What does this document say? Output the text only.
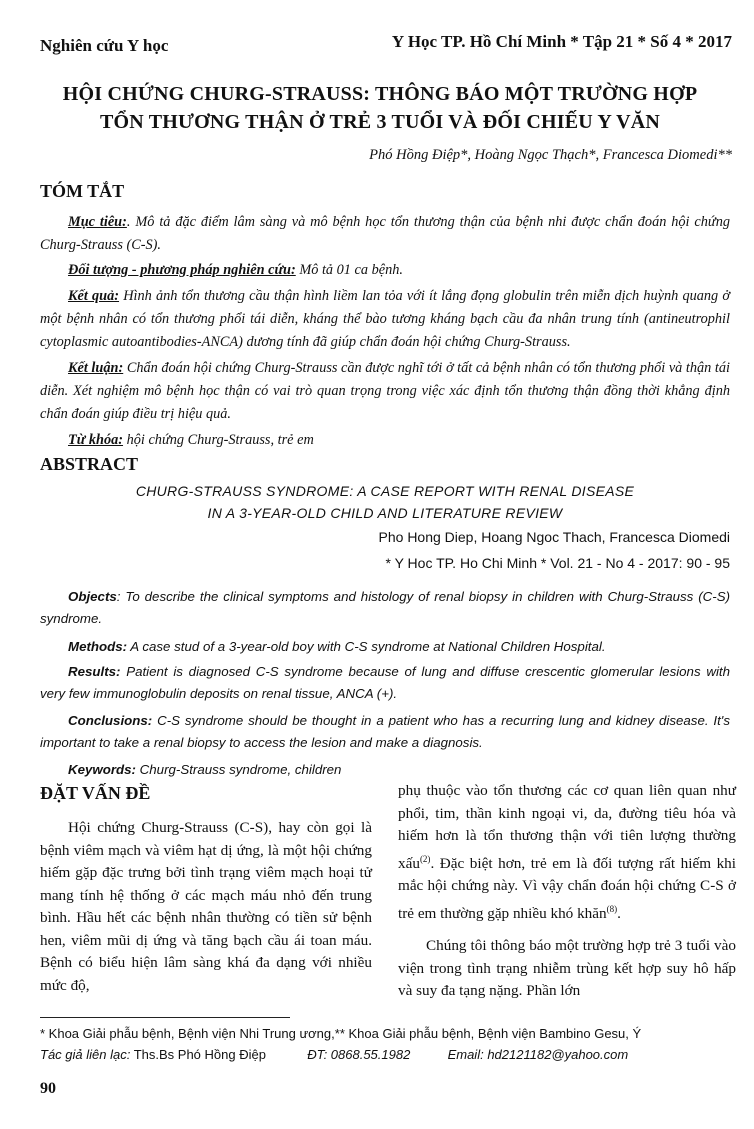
Nghiên cứu Y học	Y Học TP. Hồ Chí Minh * Tập 21 * Số 4 * 2017
HỘI CHỨNG CHURG-STRAUSS: THÔNG BÁO MỘT TRƯỜNG HỢP
TỔN THƯƠNG THẬN Ở TRẺ 3 TUỔI VÀ ĐỐI CHIẾU Y VĂN
Phó Hồng Điệp*, Hoàng Ngọc Thạch*, Francesca Diomedi**
TÓM TẮT
Mục tiêu:. Mô tả đặc điểm lâm sàng và mô bệnh học tổn thương thận của bệnh nhi được chẩn đoán hội chứng Churg-Strauss (C-S).
Đối tượng - phương pháp nghiên cứu: Mô tả 01 ca bệnh.
Kết quả: Hình ảnh tổn thương cầu thận hình liềm lan tỏa với ít lắng đọng globulin trên miễn dịch huỳnh quang ở một bệnh nhân có tổn thương phổi tái diễn, kháng thể bào tương kháng bạch cầu đa nhân trung tính (antineutrophil cytoplasmic autoantibodies-ANCA) dương tính đã giúp chẩn đoán hội chứng Churg-Strauss.
Kết luận: Chẩn đoán hội chứng Churg-Strauss cần được nghĩ tới ở tất cả bệnh nhân có tổn thương phổi và thận tái diễn. Xét nghiệm mô bệnh học thận có vai trò quan trọng trong việc xác định tổn thương thận đồng thời khẳng định chẩn đoán giúp điều trị hiệu quả.
Từ khóa: hội chứng Churg-Strauss, trẻ em
ABSTRACT
CHURG-STRAUSS SYNDROME: A CASE REPORT WITH RENAL DISEASE
IN A 3-YEAR-OLD CHILD AND LITERATURE REVIEW
Pho Hong Diep, Hoang Ngoc Thach, Francesca Diomedi
* Y Hoc TP. Ho Chi Minh * Vol. 21 - No 4 - 2017: 90 - 95
Objects: To describe the clinical symptoms and histology of renal biopsy in children with Churg-Strauss (C-S) syndrome.
Methods: A case stud of a 3-year-old boy with C-S syndrome at National Children Hospital.
Results: Patient is diagnosed C-S syndrome because of lung and diffuse crescentic glomerular lesions with very few immunoglobulin deposits on renal tissue, ANCA (+).
Conclusions: C-S syndrome should be thought in a patient who has a recurring lung and kidney disease. It's important to take a renal biopsy to access the lesion and make a diagnosis.
Keywords: Churg-Strauss syndrome, children
ĐẶT VẤN ĐỀ

Hội chứng Churg-Strauss (C-S), hay còn gọi là bệnh viêm mạch và viêm hạt dị ứng, là một hội chứng hiếm gặp đặc trưng bởi tình trạng viêm mạch hoại tử mang tính hệ thống ở các mạch máu nhỏ đến trung bình. Hầu hết các bệnh nhân thường có tiền sử bệnh hen, viêm mũi dị ứng và tăng bạch cầu ái toan máu. Bệnh có biểu hiện lâm sàng khá đa dạng với nhiều mức độ,

phụ thuộc vào tổn thương các cơ quan liên quan như phổi, tim, thần kinh ngoại vi, da, đường tiêu hóa và hiếm hơn là tổn thương thận với tiên lượng thường xấu$^{(2)}$. Đặc biệt hơn, trẻ em là đối tượng rất hiếm khi mắc hội chứng này. Vì vậy chẩn đoán hội chứng C-S ở trẻ em thường gặp nhiều khó khăn$^{(8)}$.

Chúng tôi thông báo một trường hợp trẻ 3 tuổi vào viện trong tình trạng nhiễm trùng kết hợp suy hô hấp và suy đa tạng nặng. Phần lớn

* Khoa Giải phẫu bệnh, Bệnh viện Nhi Trung ương,** Khoa Giải phẫu bệnh, Bệnh viện Bambino Gesu, Ý
Tác giả liên lạc: Ths.Bs Phó Hồng Điệp	ĐT: 0868.55.1982	Email: hd2121182@yahoo.com
90
